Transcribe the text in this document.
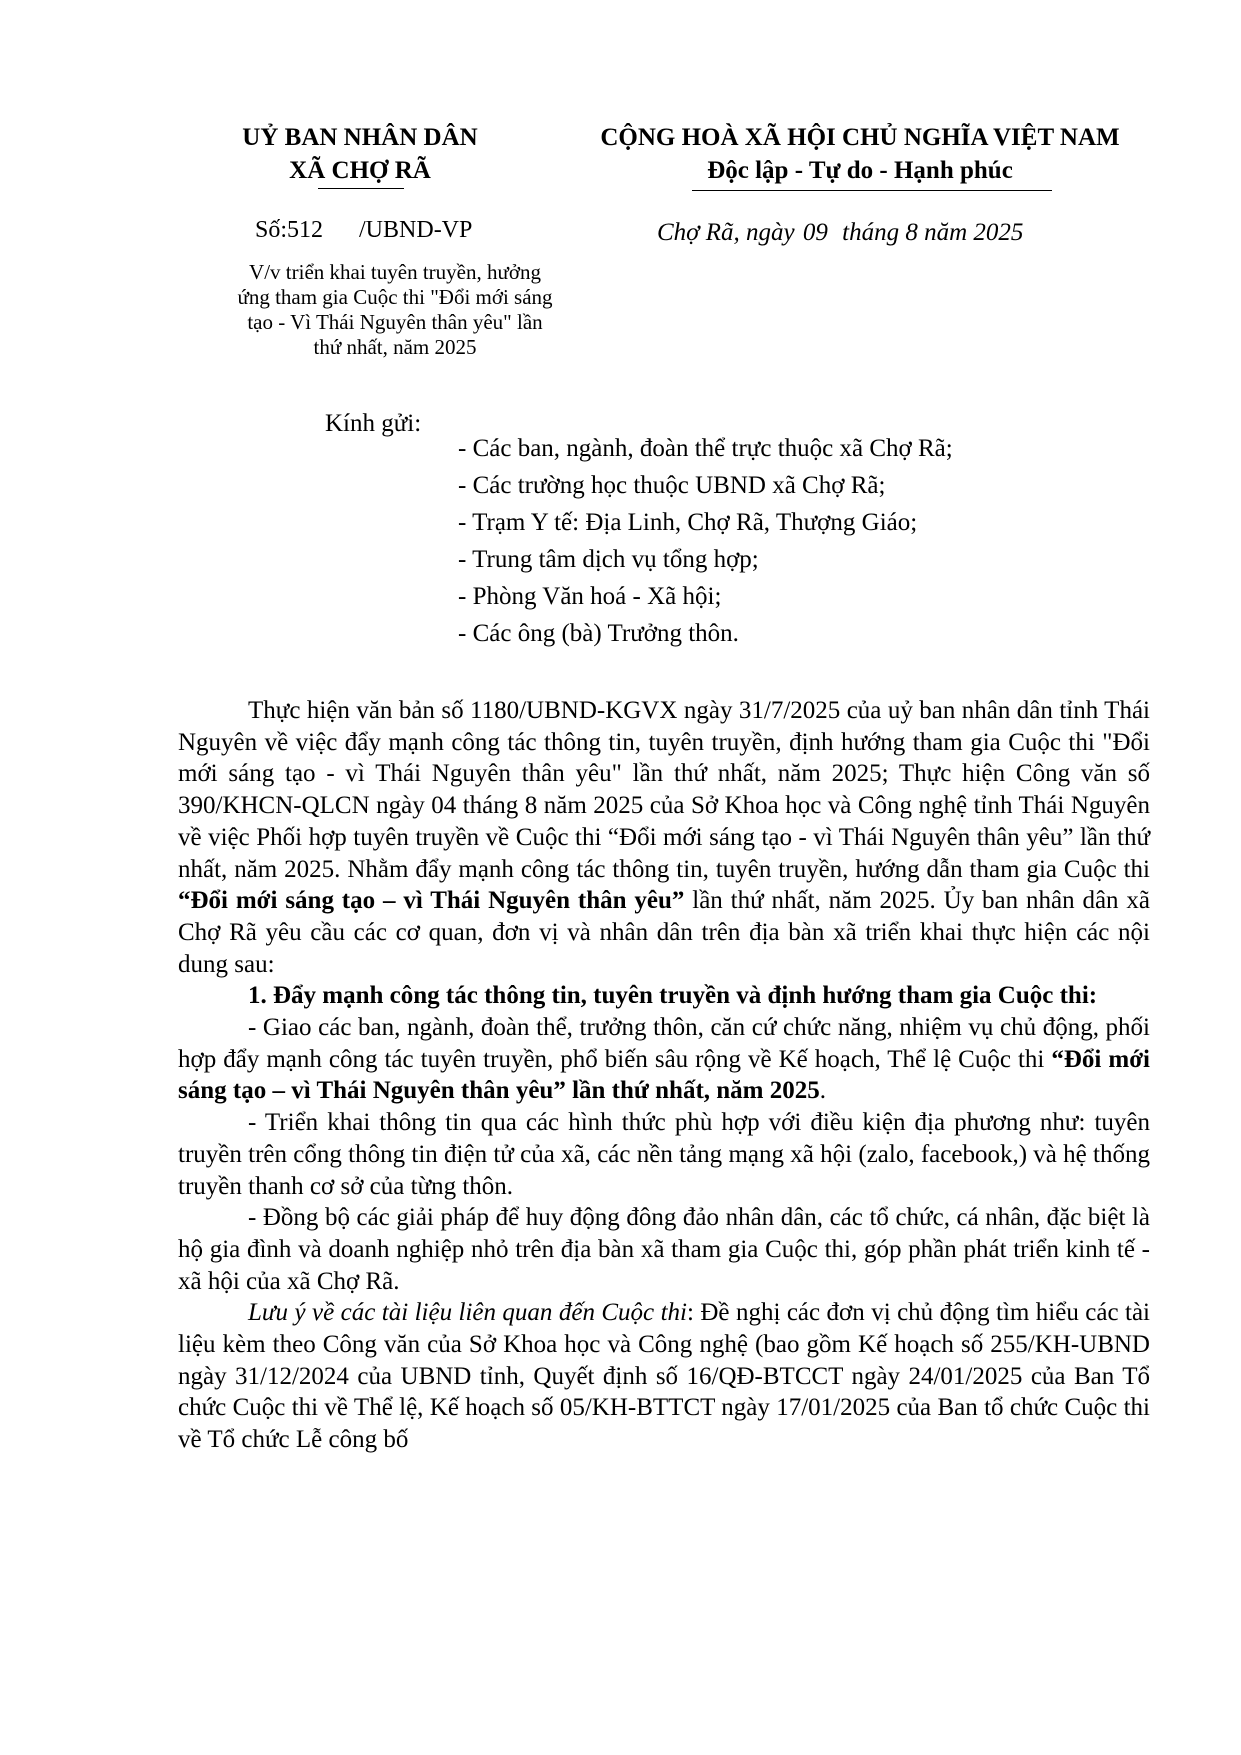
UỶ BAN NHÂN DÂN
XÃ CHỢ RÃ
CỘNG HOÀ XÃ HỘI CHỦ NGHĨA VIỆT NAM
Độc lập - Tự do - Hạnh phúc
Số:512 /UBND-VP	Chợ Rã, ngày 09 tháng 8 năm 2025
V/v triển khai tuyên truyền, hưởng
ứng tham gia Cuộc thi "Đổi mới sáng
tạo - Vì Thái Nguyên thân yêu" lần
thứ nhất, năm 2025
Kính gửi:
- Các ban, ngành, đoàn thể trực thuộc xã Chợ Rã;
- Các trường học thuộc UBND xã Chợ Rã;
- Trạm Y tế: Địa Linh, Chợ Rã, Thượng Giáo;
- Trung tâm dịch vụ tổng hợp;
- Phòng Văn hoá - Xã hội;
- Các ông (bà) Trưởng thôn.

Thực hiện văn bản số 1180/UBND-KGVX ngày 31/7/2025 của uỷ ban nhân dân tỉnh Thái Nguyên về việc đẩy mạnh công tác thông tin, tuyên truyền, định hướng tham gia Cuộc thi "Đổi mới sáng tạo - vì Thái Nguyên thân yêu" lần thứ nhất, năm 2025; Thực hiện Công văn số 390/KHCN-QLCN ngày 04 tháng 8 năm 2025 của Sở Khoa học và Công nghệ tỉnh Thái Nguyên về việc Phối hợp tuyên truyền về Cuộc thi “Đổi mới sáng tạo - vì Thái Nguyên thân yêu” lần thứ nhất, năm 2025. Nhằm đẩy mạnh công tác thông tin, tuyên truyền, hướng dẫn tham gia Cuộc thi “Đổi mới sáng tạo – vì Thái Nguyên thân yêu” lần thứ nhất, năm 2025. Ủy ban nhân dân xã Chợ Rã yêu cầu các cơ quan, đơn vị và nhân dân trên địa bàn xã triển khai thực hiện các nội dung sau:

1. Đẩy mạnh công tác thông tin, tuyên truyền và định hướng tham gia Cuộc thi:

- Giao các ban, ngành, đoàn thể, trưởng thôn, căn cứ chức năng, nhiệm vụ chủ động, phối hợp đẩy mạnh công tác tuyên truyền, phổ biến sâu rộng về Kế hoạch, Thể lệ Cuộc thi “Đổi mới sáng tạo – vì Thái Nguyên thân yêu” lần thứ nhất, năm 2025.

- Triển khai thông tin qua các hình thức phù hợp với điều kiện địa phương như: tuyên truyền trên cổng thông tin điện tử của xã, các nền tảng mạng xã hội (zalo, facebook,) và hệ thống truyền thanh cơ sở của từng thôn.

- Đồng bộ các giải pháp để huy động đông đảo nhân dân, các tổ chức, cá nhân, đặc biệt là hộ gia đình và doanh nghiệp nhỏ trên địa bàn xã tham gia Cuộc thi, góp phần phát triển kinh tế - xã hội của xã Chợ Rã.

Lưu ý về các tài liệu liên quan đến Cuộc thi: Đề nghị các đơn vị chủ động tìm hiểu các tài liệu kèm theo Công văn của Sở Khoa học và Công nghệ (bao gồm Kế hoạch số 255/KH-UBND ngày 31/12/2024 của UBND tỉnh, Quyết định số 16/QĐ-BTCCT ngày 24/01/2025 của Ban Tổ chức Cuộc thi về Thể lệ, Kế hoạch số 05/KH-BTTCT ngày 17/01/2025 của Ban tổ chức Cuộc thi về Tổ chức Lễ công bố
